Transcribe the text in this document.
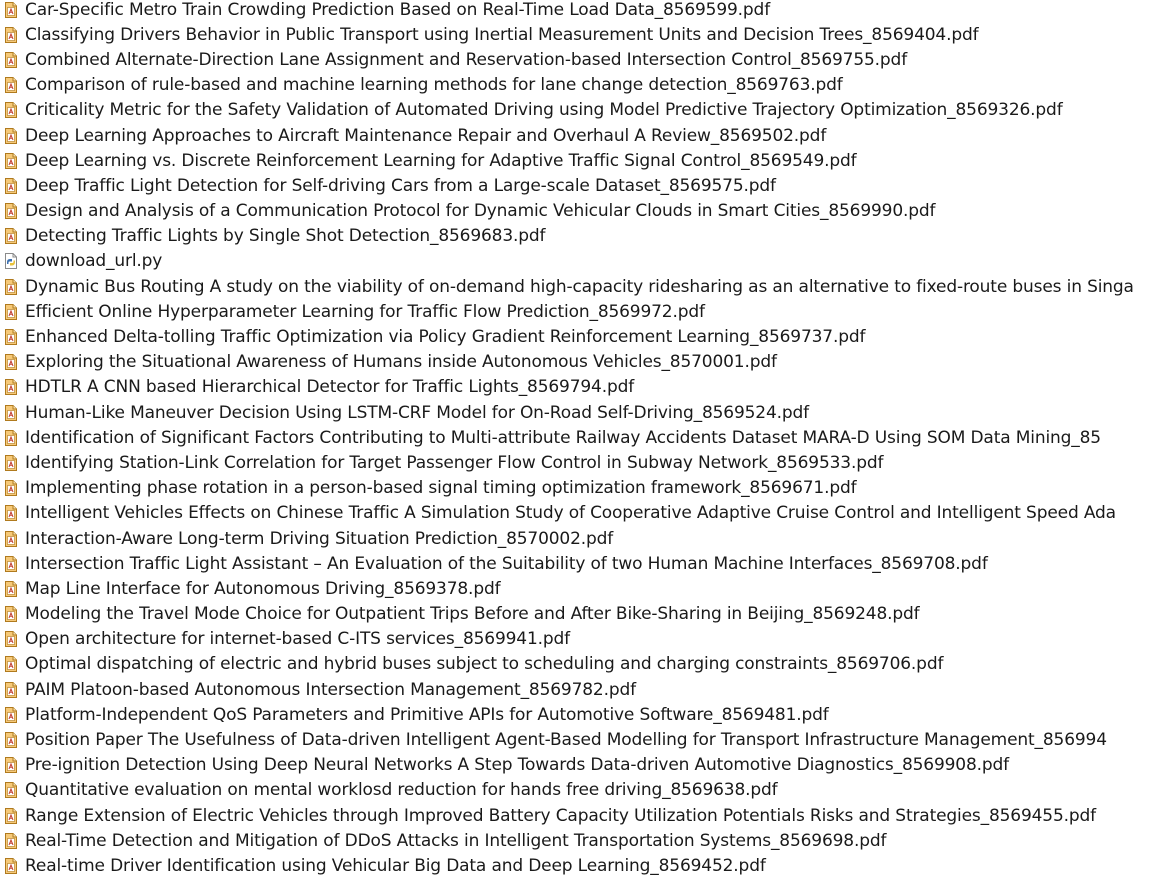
Car-Specific Metro Train Crowding Prediction Based on Real-Time Load Data_8569599.pdf
Classifying Drivers Behavior in Public Transport using Inertial Measurement Units and Decision Trees_8569404.pdf
Combined Alternate-Direction Lane Assignment and Reservation-based Intersection Control_8569755.pdf
Comparison of rule-based and machine learning methods for lane change detection_8569763.pdf
Criticality Metric for the Safety Validation of Automated Driving using Model Predictive Trajectory Optimization_8569326.pdf
Deep Learning Approaches to Aircraft Maintenance Repair and Overhaul A Review_8569502.pdf
Deep Learning vs. Discrete Reinforcement Learning for Adaptive Traffic Signal Control_8569549.pdf
Deep Traffic Light Detection for Self-driving Cars from a Large-scale Dataset_8569575.pdf
Design and Analysis of a Communication Protocol for Dynamic Vehicular Clouds in Smart Cities_8569990.pdf
Detecting Traffic Lights by Single Shot Detection_8569683.pdf
download_url.py
Dynamic Bus Routing A study on the viability of on-demand high-capacity ridesharing as an alternative to fixed-route buses in Singa
Efficient Online Hyperparameter Learning for Traffic Flow Prediction_8569972.pdf
Enhanced Delta-tolling Traffic Optimization via Policy Gradient Reinforcement Learning_8569737.pdf
Exploring the Situational Awareness of Humans inside Autonomous Vehicles_8570001.pdf
HDTLR A CNN based Hierarchical Detector for Traffic Lights_8569794.pdf
Human-Like Maneuver Decision Using LSTM-CRF Model for On-Road Self-Driving_8569524.pdf
Identification of Significant Factors Contributing to Multi-attribute Railway Accidents Dataset MARA-D Using SOM Data Mining_85
Identifying Station-Link Correlation for Target Passenger Flow Control in Subway Network_8569533.pdf
Implementing phase rotation in a person-based signal timing optimization framework_8569671.pdf
Intelligent Vehicles Effects on Chinese Traffic A Simulation Study of Cooperative Adaptive Cruise Control and Intelligent Speed Ada
Interaction-Aware Long-term Driving Situation Prediction_8570002.pdf
Intersection Traffic Light Assistant – An Evaluation of the Suitability of two Human Machine Interfaces_8569708.pdf
Map Line Interface for Autonomous Driving_8569378.pdf
Modeling the Travel Mode Choice for Outpatient Trips Before and After Bike-Sharing in Beijing_8569248.pdf
Open architecture for internet-based C-ITS services_8569941.pdf
Optimal dispatching of electric and hybrid buses subject to scheduling and charging constraints_8569706.pdf
PAIM Platoon-based Autonomous Intersection Management_8569782.pdf
Platform-Independent QoS Parameters and Primitive APIs for Automotive Software_8569481.pdf
Position Paper The Usefulness of Data-driven Intelligent Agent-Based Modelling for Transport Infrastructure Management_856994
Pre-ignition Detection Using Deep Neural Networks A Step Towards Data-driven Automotive Diagnostics_8569908.pdf
Quantitative evaluation on mental worklosd reduction for hands free driving_8569638.pdf
Range Extension of Electric Vehicles through Improved Battery Capacity Utilization Potentials Risks and Strategies_8569455.pdf
Real-Time Detection and Mitigation of DDoS Attacks in Intelligent Transportation Systems_8569698.pdf
Real-time Driver Identification using Vehicular Big Data and Deep Learning_8569452.pdf
